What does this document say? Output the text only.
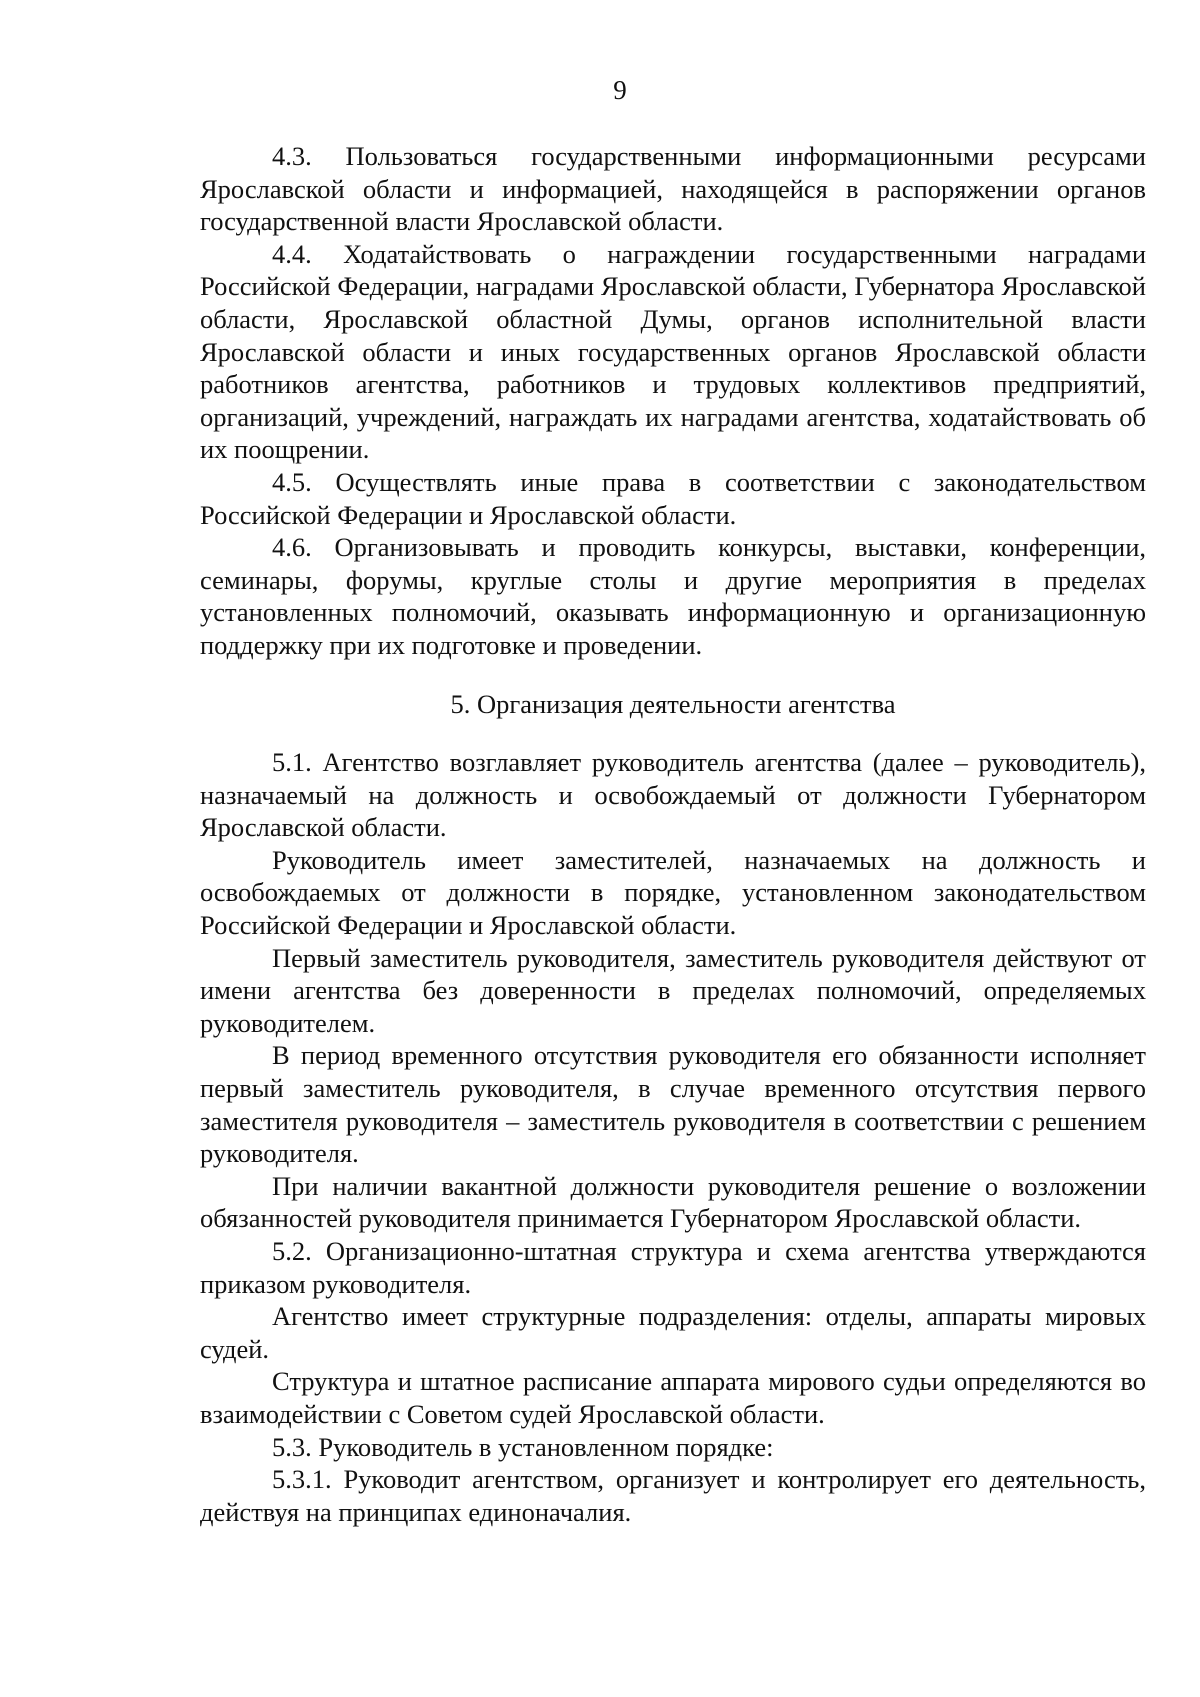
9

4.3. Пользоваться государственными информационными ресурсами Ярославской области и информацией, находящейся в распоряжении органов государственной власти Ярославской области.

4.4. Ходатайствовать о награждении государственными наградами Российской Федерации, наградами Ярославской области, Губернатора Ярославской области, Ярославской областной Думы, органов исполнительной власти Ярославской области и иных государственных органов Ярославской области работников агентства, работников и трудовых коллективов предприятий, организаций, учреждений, награждать их наградами агентства, ходатайствовать об их поощрении.

4.5. Осуществлять иные права в соответствии с законодательством Российской Федерации и Ярославской области.

4.6. Организовывать и проводить конкурсы, выставки, конференции, семинары, форумы, круглые столы и другие мероприятия в пределах установленных полномочий, оказывать информационную и организационную поддержку при их подготовке и проведении.

5. Организация деятельности агентства

5.1. Агентство возглавляет руководитель агентства (далее – руководитель), назначаемый на должность и освобождаемый от должности Губернатором Ярославской области.

Руководитель имеет заместителей, назначаемых на должность и освобождаемых от должности в порядке, установленном законодательством Российской Федерации и Ярославской области.

Первый заместитель руководителя, заместитель руководителя действуют от имени агентства без доверенности в пределах полномочий, определяемых руководителем.

В период временного отсутствия руководителя его обязанности исполняет первый заместитель руководителя, в случае временного отсутствия первого заместителя руководителя – заместитель руководителя в соответствии с решением руководителя.

При наличии вакантной должности руководителя решение о возложении обязанностей руководителя принимается Губернатором Ярославской области.

5.2. Организационно-штатная структура и схема агентства утверждаются приказом руководителя.

Агентство имеет структурные подразделения: отделы, аппараты мировых судей.

Структура и штатное расписание аппарата мирового судьи определяются во взаимодействии с Советом судей Ярославской области.

5.3. Руководитель в установленном порядке:

5.3.1. Руководит агентством, организует и контролирует его деятельность, действуя на принципах единоначалия.
